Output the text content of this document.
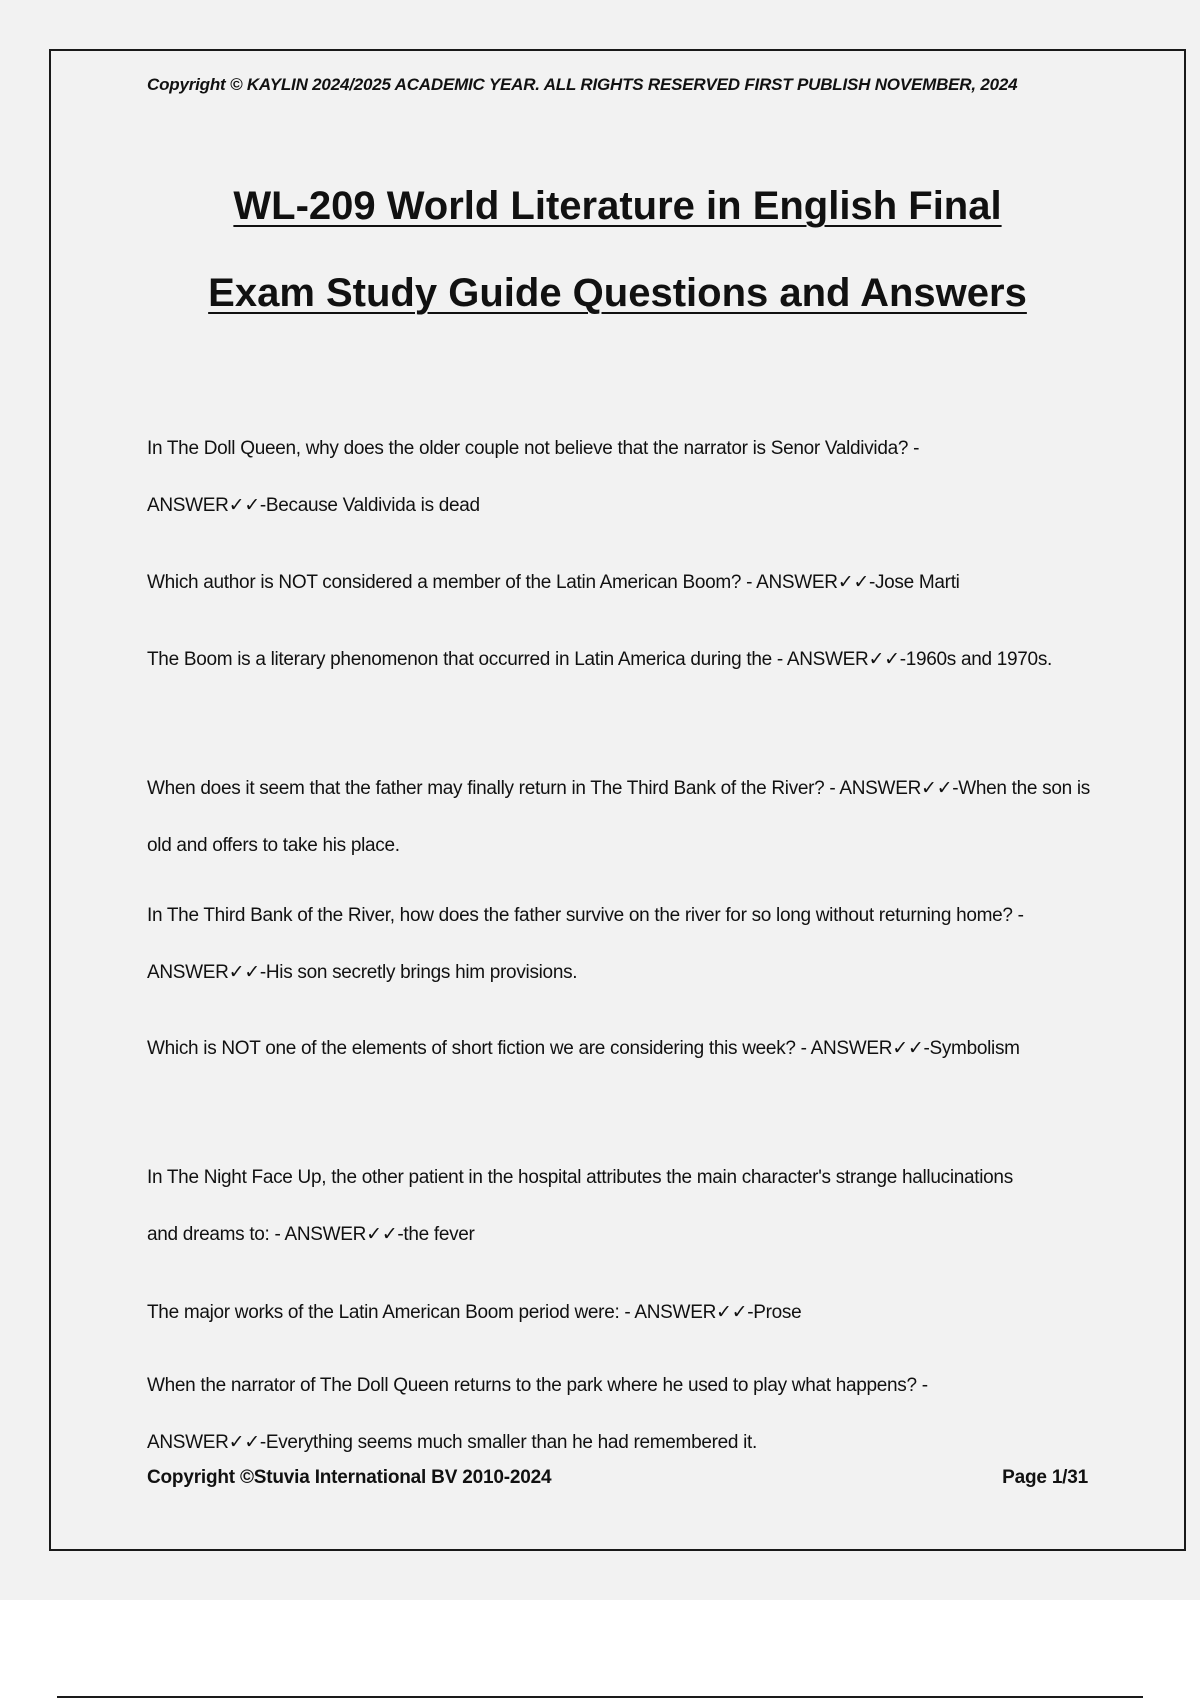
Copyright © KAYLIN 2024/2025 ACADEMIC YEAR. ALL RIGHTS RESERVED FIRST PUBLISH NOVEMBER, 2024
WL-209 World Literature in English Final
Exam Study Guide Questions and Answers
In The Doll Queen, why does the older couple not believe that the narrator is Senor Valdivida? - ANSWER✓✓-Because Valdivida is dead
Which author is NOT considered a member of the Latin American Boom? - ANSWER✓✓-Jose Marti
The Boom is a literary phenomenon that occurred in Latin America during the - ANSWER✓✓-1960s and 1970s.
When does it seem that the father may finally return in The Third Bank of the River? - ANSWER✓✓-When the son is old and offers to take his place.
In The Third Bank of the River, how does the father survive on the river for so long without returning home? - ANSWER✓✓-His son secretly brings him provisions.
Which is NOT one of the elements of short fiction we are considering this week? - ANSWER✓✓-Symbolism
In The Night Face Up, the other patient in the hospital attributes the main character's strange hallucinations and dreams to: - ANSWER✓✓-the fever
The major works of the Latin American Boom period were: - ANSWER✓✓-Prose
When the narrator of The Doll Queen returns to the park where he used to play what happens? - ANSWER✓✓-Everything seems much smaller than he had remembered it.
Copyright ©Stuvia International BV 2010-2024	Page 1/31
